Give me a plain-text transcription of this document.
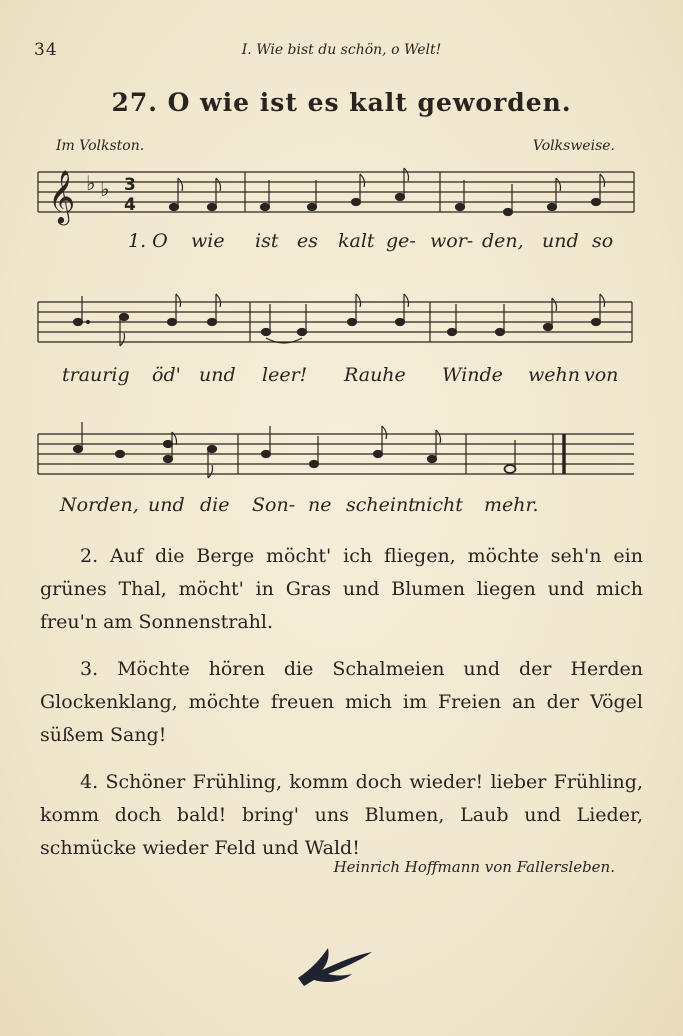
34	I. Wie bist du schön, o Welt!
27. O wie ist es kalt geworden.
Im Volkston.	Volksweise.
𝄞 ♭ ♭ 3
4
1. O wie ist es kalt ge- wor- den, und so
traurig öd' und leer! Rauhe Winde wehn von
Norden, und die Son- ne scheint
nicht mehr.

2. Auf die Berge möcht' ich fliegen, möchte seh'n ein grünes Thal, möcht' in Gras und Blumen liegen und mich freu'n am Sonnenstrahl.

3. Möchte hören die Schalmeien und der Herden Glockenklang, möchte freuen mich im Freien an der Vögel süßem Sang!

4. Schöner Frühling, komm doch wieder! lieber Frühling, komm doch bald! bring' uns Blumen, Laub und Lieder, schmücke wieder Feld und Wald!

Heinrich Hoffmann von Fallersleben.
